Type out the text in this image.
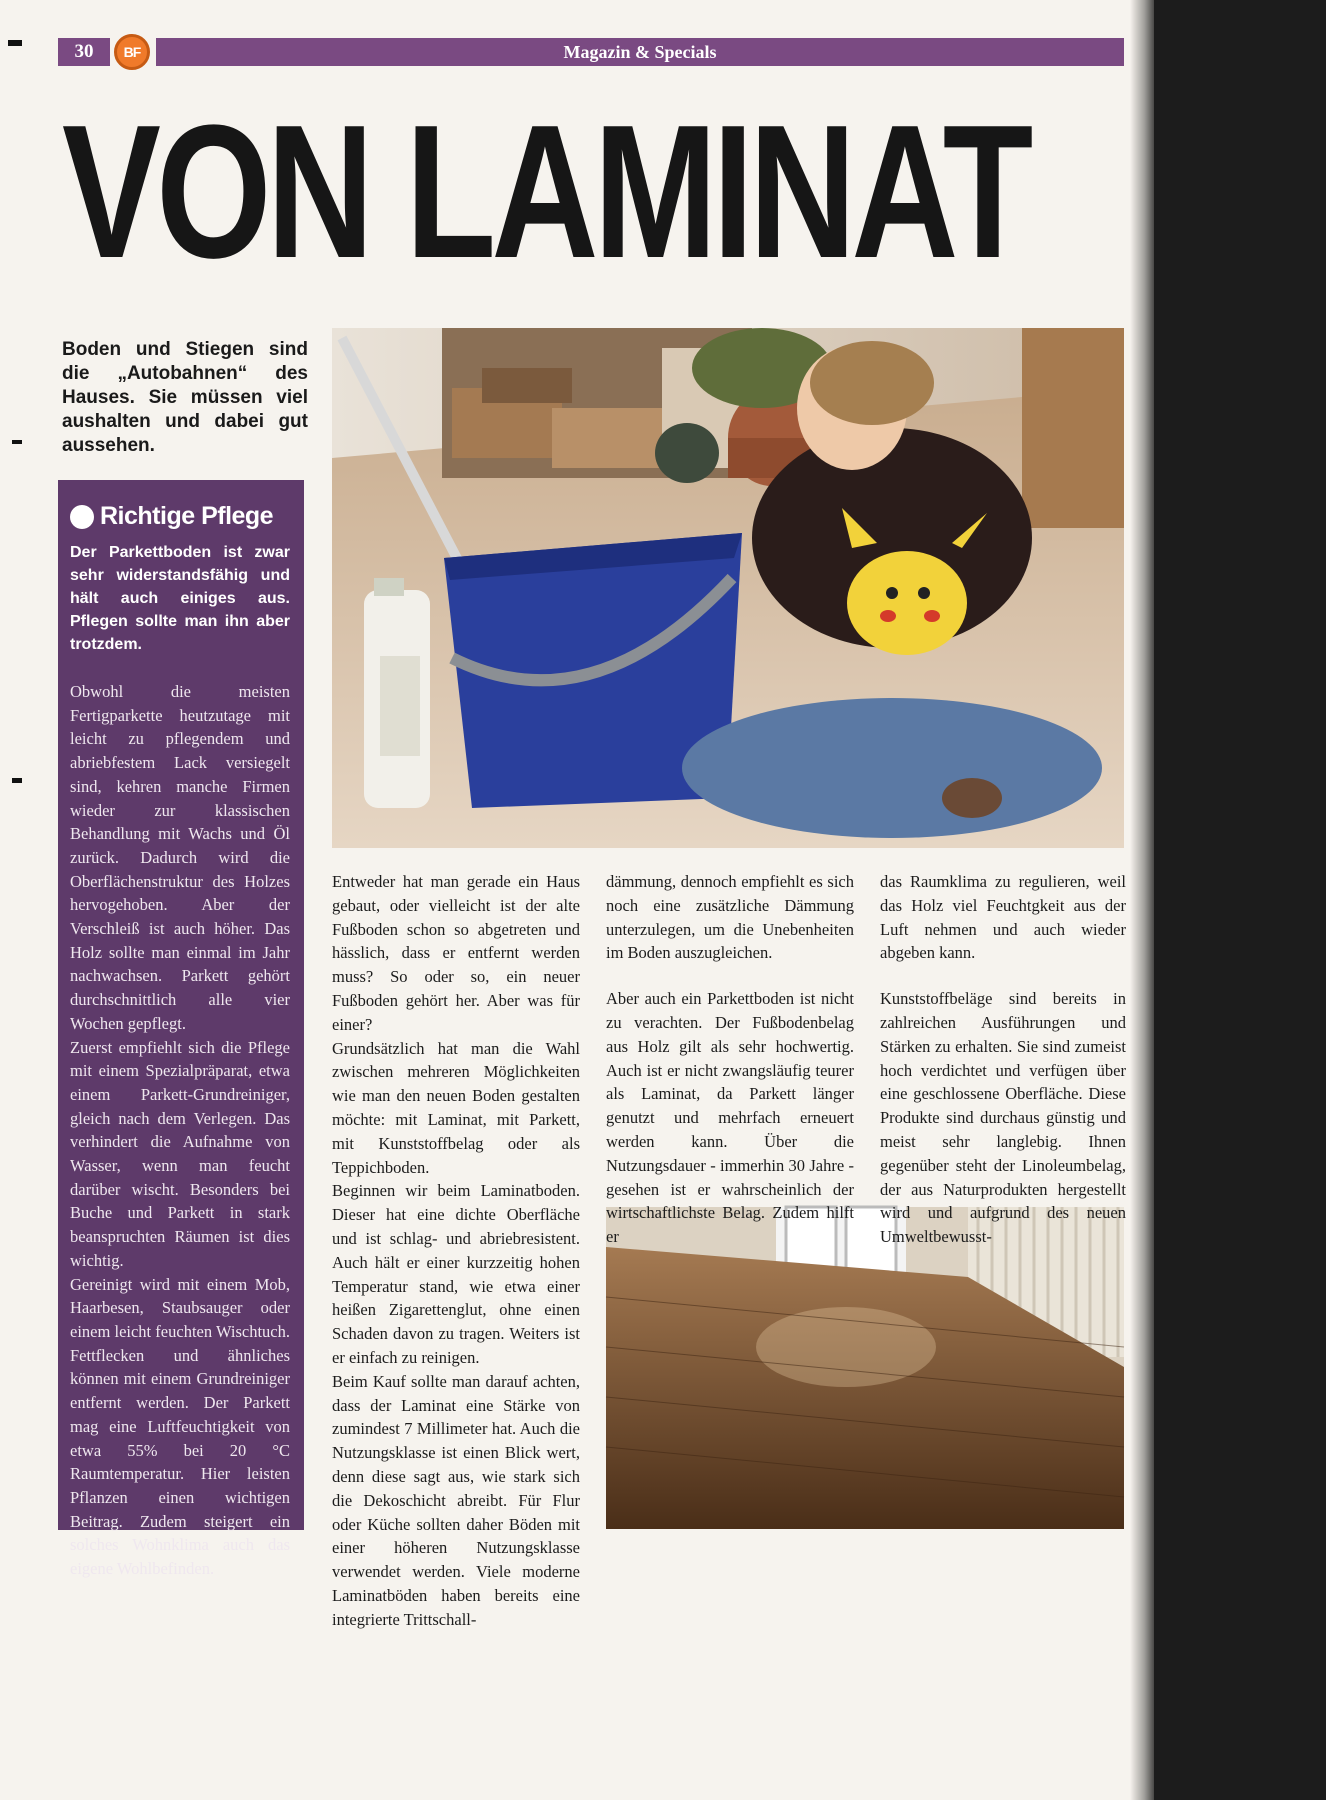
30	BF	Magazin & Specials
VON LAMINAT
Boden und Stiegen sind die „Autobahnen“ des Hauses. Sie müssen viel aushalten und dabei gut aussehen.
Richtige Pflege
Der Parkettboden ist zwar sehr widerstandsfähig und hält auch einiges aus. Pflegen sollte man ihn aber trotzdem.

Obwohl die meisten Fertigparkette heutzutage mit leicht zu pflegendem und abriebfestem Lack versiegelt sind, kehren manche Firmen wieder zur klassischen Behandlung mit Wachs und Öl zurück. Dadurch wird die Oberflächenstruktur des Holzes hervogehoben. Aber der Verschleiß ist auch höher. Das Holz sollte man einmal im Jahr nachwachsen. Parkett gehört durchschnittlich alle vier Wochen gepflegt.

Zuerst empfiehlt sich die Pflege mit einem Spezialpräparat, etwa einem Parkett-Grundreiniger, gleich nach dem Verlegen. Das verhindert die Aufnahme von Wasser, wenn man feucht darüber wischt. Besonders bei Buche und Parkett in stark beanspruchten Räumen ist dies wichtig.

Gereinigt wird mit einem Mob, Haarbesen, Staubsauger oder einem leicht feuchten Wischtuch. Fettflecken und ähnliches können mit einem Grundreiniger entfernt werden. Der Parkett mag eine Luftfeuchtigkeit von etwa 55% bei 20 °C Raumtemperatur. Hier leisten Pflanzen einen wichtigen Beitrag. Zudem steigert ein solches Wohnklima auch das eigene Wohlbefinden.

Entweder hat man gerade ein Haus gebaut, oder vielleicht ist der alte Fußboden schon so abgetreten und hässlich, dass er entfernt werden muss? So oder so, ein neuer Fußboden gehört her. Aber was für einer?

Grundsätzlich hat man die Wahl zwischen mehreren Möglichkeiten wie man den neuen Boden gestalten möchte: mit Laminat, mit Parkett, mit Kunststoffbelag oder als Teppichboden.

Beginnen wir beim Laminatboden. Dieser hat eine dichte Oberfläche und ist schlag- und abriebresistent. Auch hält er einer kurzzeitig hohen Temperatur stand, wie etwa einer heißen Zigarettenglut, ohne einen Schaden davon zu tragen. Weiters ist er einfach zu reinigen.

Beim Kauf sollte man darauf achten, dass der Laminat eine Stärke von zumindest 7 Millimeter hat. Auch die Nutzungsklasse ist einen Blick wert, denn diese sagt aus, wie stark sich die Dekoschicht abreibt. Für Flur oder Küche sollten daher Böden mit einer höheren Nutzungsklasse verwendet werden. Viele moderne Laminatböden haben bereits eine integrierte Trittschall-

dämmung, dennoch empfiehlt es sich noch eine zusätzliche Dämmung unterzulegen, um die Unebenheiten im Boden auszugleichen.

Aber auch ein Parkettboden ist nicht zu verachten. Der Fußbodenbelag aus Holz gilt als sehr hochwertig. Auch ist er nicht zwangsläufig teurer als Laminat, da Parkett länger genutzt und mehrfach erneuert werden kann. Über die Nutzungsdauer - immerhin 30 Jahre - gesehen ist er wahrscheinlich der wirtschaftlichste Belag. Zudem hilft er

das Raumklima zu regulieren, weil das Holz viel Feuchtgkeit aus der Luft nehmen und auch wieder abgeben kann.

Kunststoffbeläge sind bereits in zahlreichen Ausführungen und Stärken zu erhalten. Sie sind zumeist hoch verdichtet und verfügen über eine geschlossene Oberfläche. Diese Produkte sind durchaus günstig und meist sehr langlebig. Ihnen gegenüber steht der Linoleumbelag, der aus Naturprodukten hergestellt wird und aufgrund des neuen Umweltbewusst-
